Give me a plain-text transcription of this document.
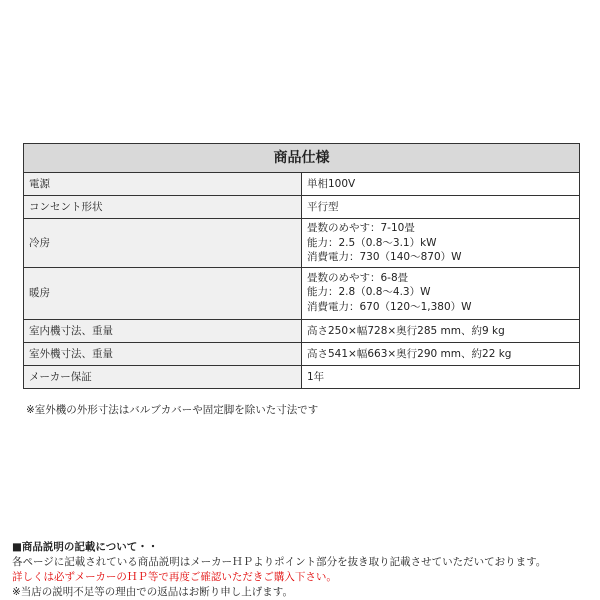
商品仕様	
電源	単相100V
コンセント形状	平行型
冷房	畳数のめやす：7-10畳
能力：2.5（0.8～3.1）kW
消費電力：730（140～870）W

暖房	畳数のめやす：6-8畳
能力：2.8（0.8～4.3）W
消費電力：670（120～1,380）W

室内機寸法、重量	高さ250×幅728×奥行285 mm、約9 kg
室外機寸法、重量	高さ541×幅663×奥行290 mm、約22 kg
メーカー保証	1年
※室外機の外形寸法はバルブカバーや固定脚を除いた寸法です
■商品説明の記載について・・
各ページに記載されている商品説明はメーカーＨＰよりポイント部分を抜き取り記載させていただいております。
詳しくは必ずメーカーのＨＰ等で再度ご確認いただきご購入下さい。
※当店の説明不足等の理由での返品はお断り申し上げます。
